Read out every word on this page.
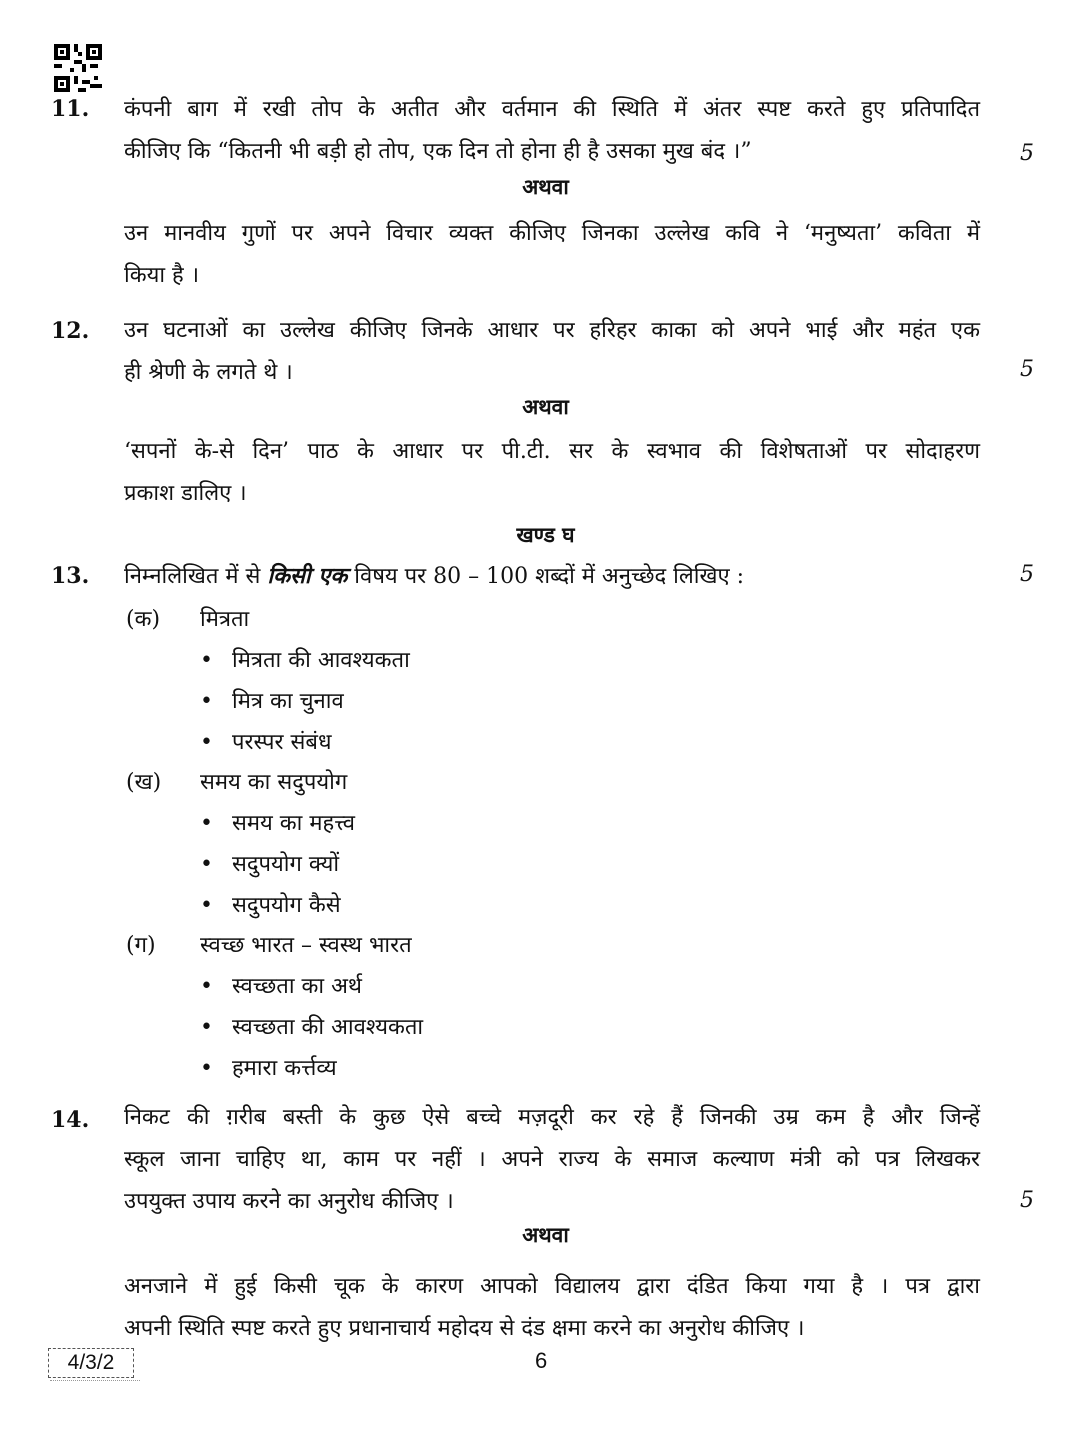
11. कंपनी बाग में रखी तोप के अतीत और वर्तमान की स्थिति में अंतर स्पष्ट करते हुए प्रतिपादित
कीजिए कि “कितनी भी बड़ी हो तोप, एक दिन तो होना ही है उसका मुख बंद ।”	5
अथवा
उन मानवीय गुणों पर अपने विचार व्यक्त कीजिए जिनका उल्लेख कवि ने ‘मनुष्यता’ कविता में
किया है ।
12. उन घटनाओं का उल्लेख कीजिए जिनके आधार पर हरिहर काका को अपने भाई और महंत एक
ही श्रेणी के लगते थे ।	5
अथवा
‘सपनों के-से दिन’ पाठ के आधार पर पी.टी. सर के स्वभाव की विशेषताओं पर सोदाहरण
प्रकाश डालिए ।
खण्ड घ
13. निम्नलिखित में से किसी एक विषय पर 80 – 100 शब्दों में अनुच्छेद लिखिए :	5
(क) मित्रता
• मित्रता की आवश्यकता
• मित्र का चुनाव
• परस्पर संबंध
(ख) समय का सदुपयोग
• समय का महत्त्व
• सदुपयोग क्यों
• सदुपयोग कैसे
(ग) स्वच्छ भारत – स्वस्थ भारत
• स्वच्छता का अर्थ
• स्वच्छता की आवश्यकता
• हमारा कर्त्तव्य
14. निकट की ग़रीब बस्ती के कुछ ऐसे बच्चे मज़दूरी कर रहे हैं जिनकी उम्र कम है और जिन्हें
स्कूल जाना चाहिए था, काम पर नहीं । अपने राज्य के समाज कल्याण मंत्री को पत्र लिखकर
उपयुक्त उपाय करने का अनुरोध कीजिए ।	5
अथवा
अनजाने में हुई किसी चूक के कारण आपको विद्यालय द्वारा दंडित किया गया है । पत्र द्वारा
अपनी स्थिति स्पष्ट करते हुए प्रधानाचार्य महोदय से दंड क्षमा करने का अनुरोध कीजिए ।
4/3/2	6
